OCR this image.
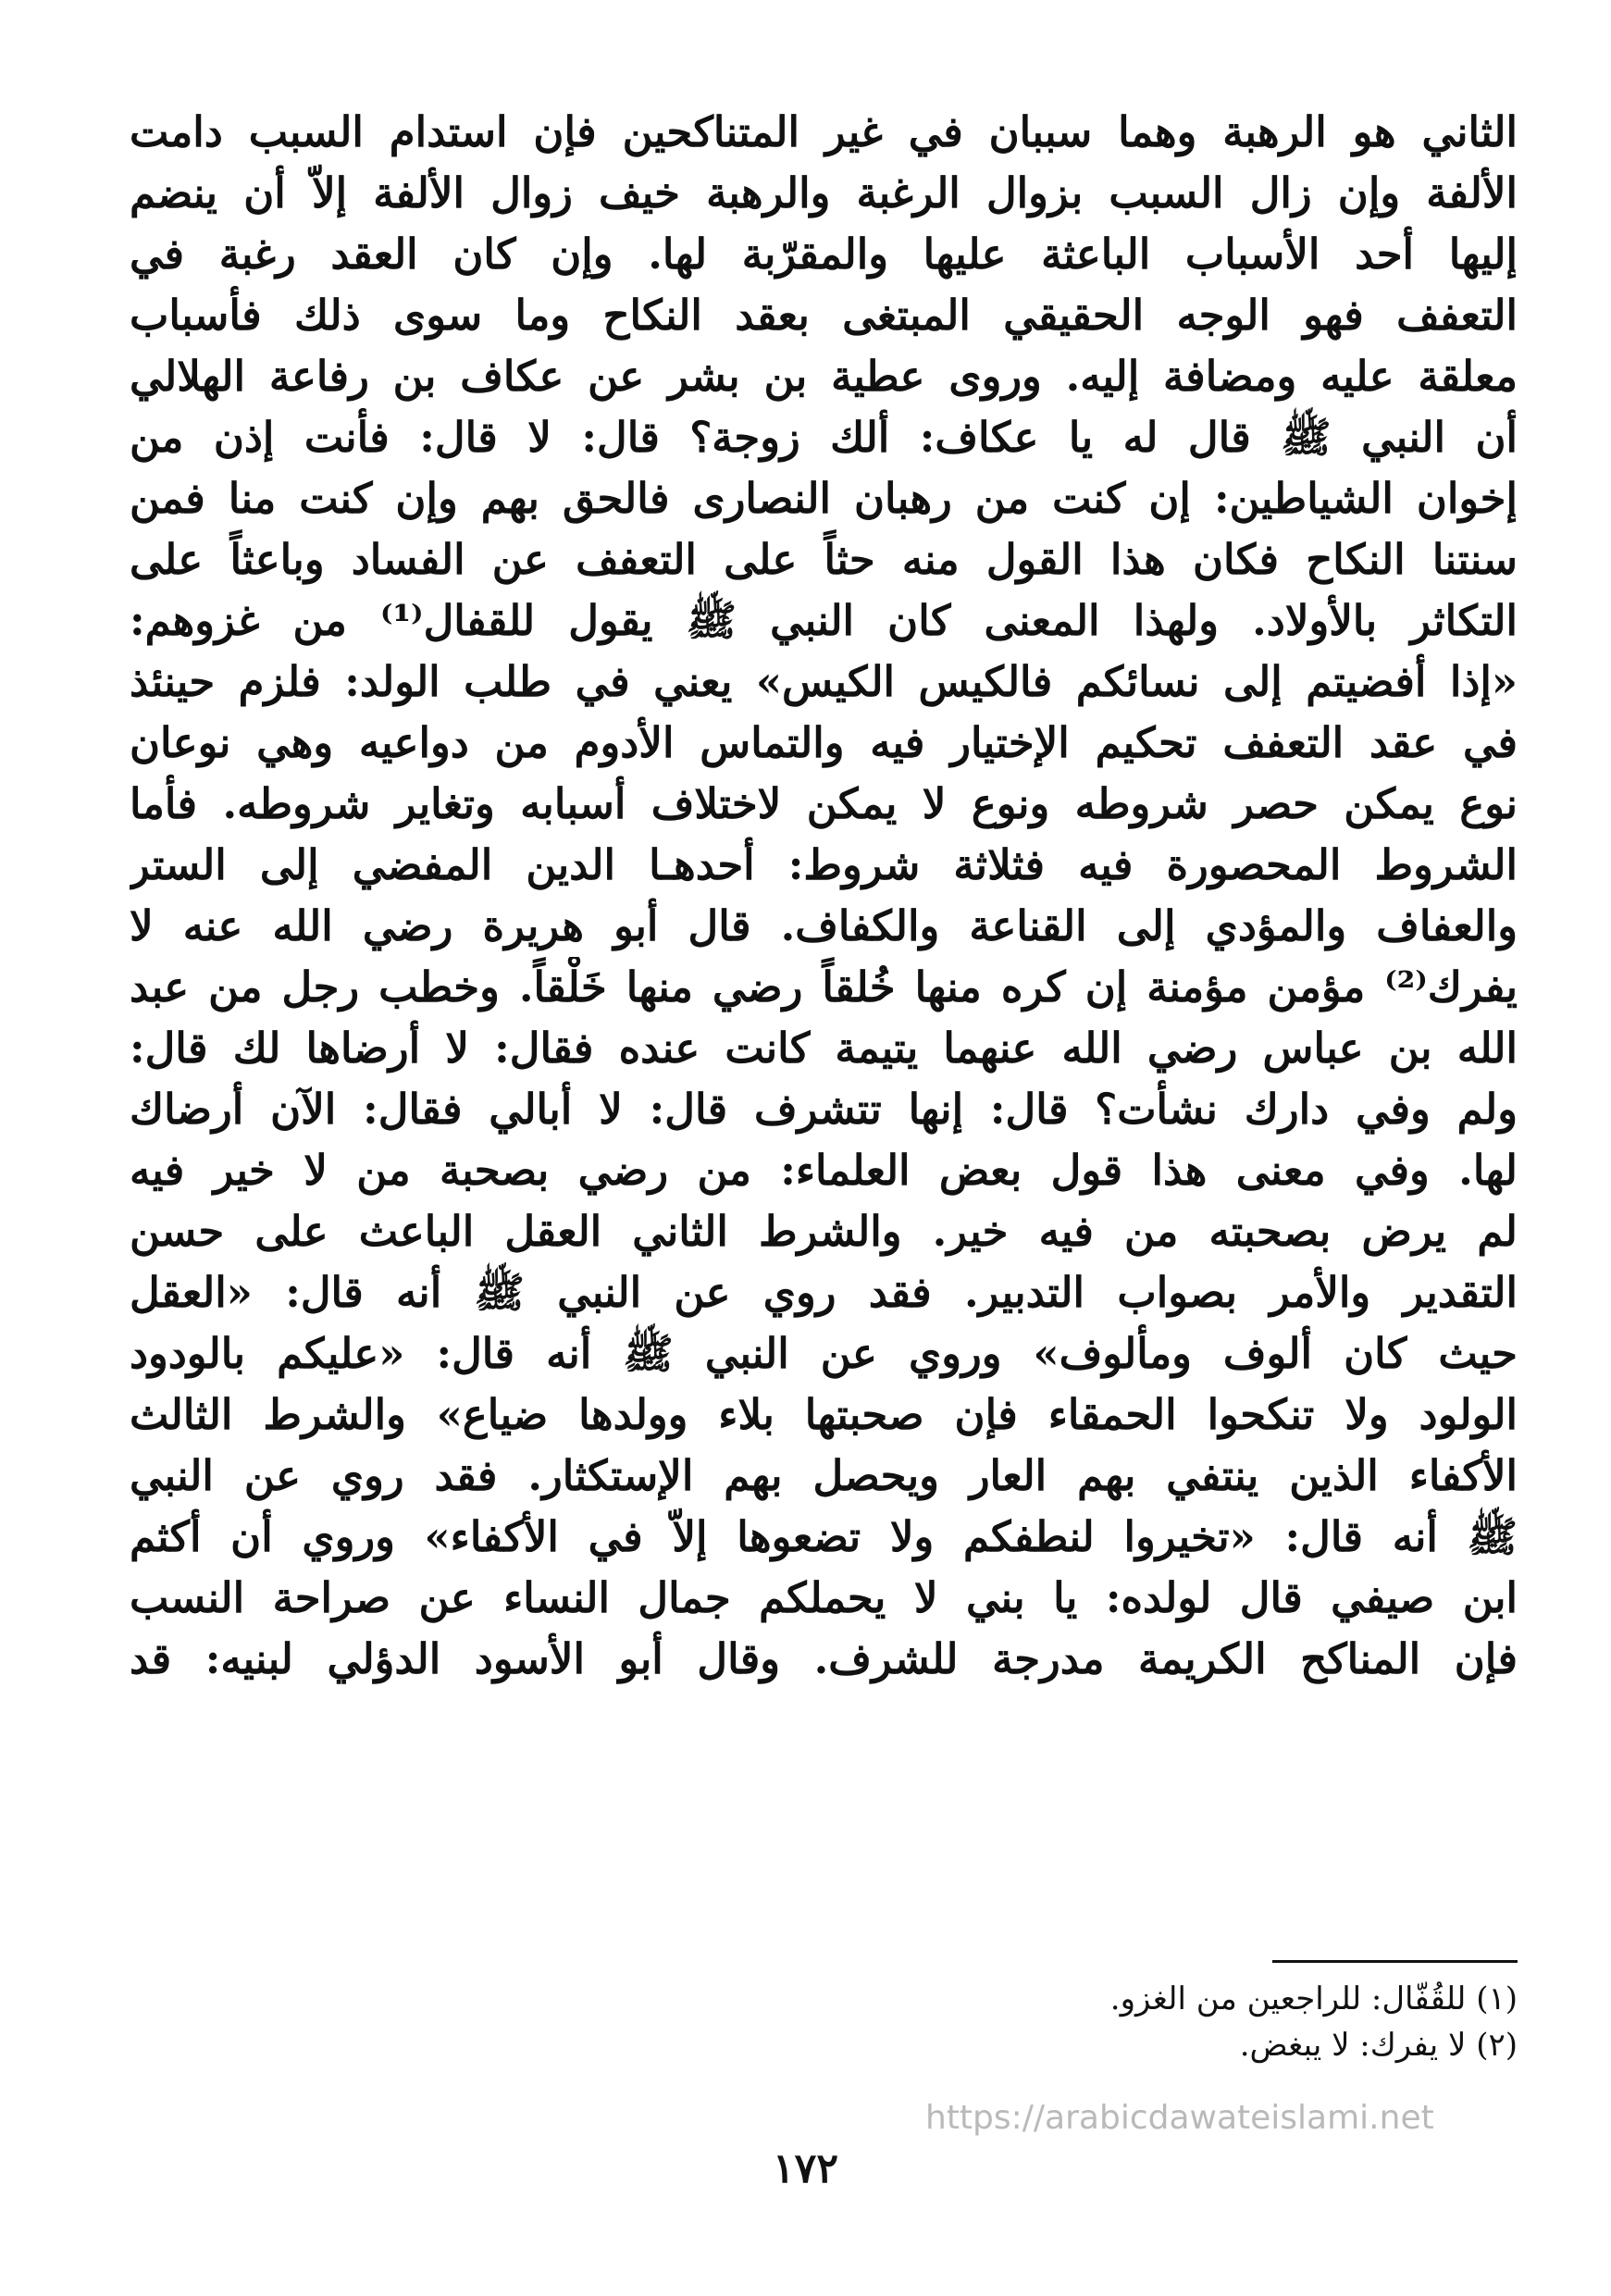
الثاني هو الرهبة وهما سببان في غير المتناكحين فإن استدام السبب دامت
الألفة وإن زال السبب بزوال الرغبة والرهبة خيف زوال الألفة إلاّ أن ينضم
إليها أحد الأسباب الباعثة عليها والمقرّبة لها. وإن كان العقد رغبة في
التعفف فهو الوجه الحقيقي المبتغى بعقد النكاح وما سوى ذلك فأسباب
معلقة عليه ومضافة إليه. وروى عطية بن بشر عن عكاف بن رفاعة الهلالي
أن النبي ﷺ قال له يا عكاف: ألك زوجة؟ قال: لا قال: فأنت إذن من
إخوان الشياطين: إن كنت من رهبان النصارى فالحق بهم وإن كنت منا فمن
سنتنا النكاح فكان هذا القول منه حثاً على التعفف عن الفساد وباعثاً على
التكاثر بالأولاد. ولهذا المعنى كان النبي ﷺ يقول للقفال⁽¹⁾ من غزوهم:
«إذا أفضيتم إلى نسائكم فالكيس الكيس» يعني في طلب الولد: فلزم حينئذ
في عقد التعفف تحكيم الإختيار فيه والتماس الأدوم من دواعيه وهي نوعان
نوع يمكن حصر شروطه ونوع لا يمكن لاختلاف أسبابه وتغاير شروطه. فأما
الشروط المحصورة فيه فثلاثة شروط: أحدهـا الدين المفضي إلى الستر
والعفاف والمؤدي إلى القناعة والكفاف. قال أبو هريرة رضي الله عنه لا
يفرك⁽²⁾ مؤمن مؤمنة إن كره منها خُلقاً رضي منها خَلْقاً. وخطب رجل من عبد
الله بن عباس رضي الله عنهما يتيمة كانت عنده فقال: لا أرضاها لك قال:
ولم وفي دارك نشأت؟ قال: إنها تتشرف قال: لا أبالي فقال: الآن أرضاك
لها. وفي معنى هذا قول بعض العلماء: من رضي بصحبة من لا خير فيه
لم يرض بصحبته من فيه خير. والشرط الثاني العقل الباعث على حسن
التقدير والأمر بصواب التدبير. فقد روي عن النبي ﷺ أنه قال: «العقل
حيث كان ألوف ومألوف» وروي عن النبي ﷺ أنه قال: «عليكم بالودود
الولود ولا تنكحوا الحمقاء فإن صحبتها بلاء وولدها ضياع» والشرط الثالث
الأكفاء الذين ينتفي بهم العار ويحصل بهم الإستكثار. فقد روي عن النبي
ﷺ أنه قال: «تخيروا لنطفكم ولا تضعوها إلاّ في الأكفاء» وروي أن أكثم
ابن صيفي قال لولده: يا بني لا يحملكم جمال النساء عن صراحة النسب
فإن المناكح الكريمة مدرجة للشرف. وقال أبو الأسود الدؤلي لبنيه: قد
(١) للقُفّال: للراجعين من الغزو.
(٢) لا يفرك: لا يبغض.
https://arabicdawateislami.net
١٧٢
